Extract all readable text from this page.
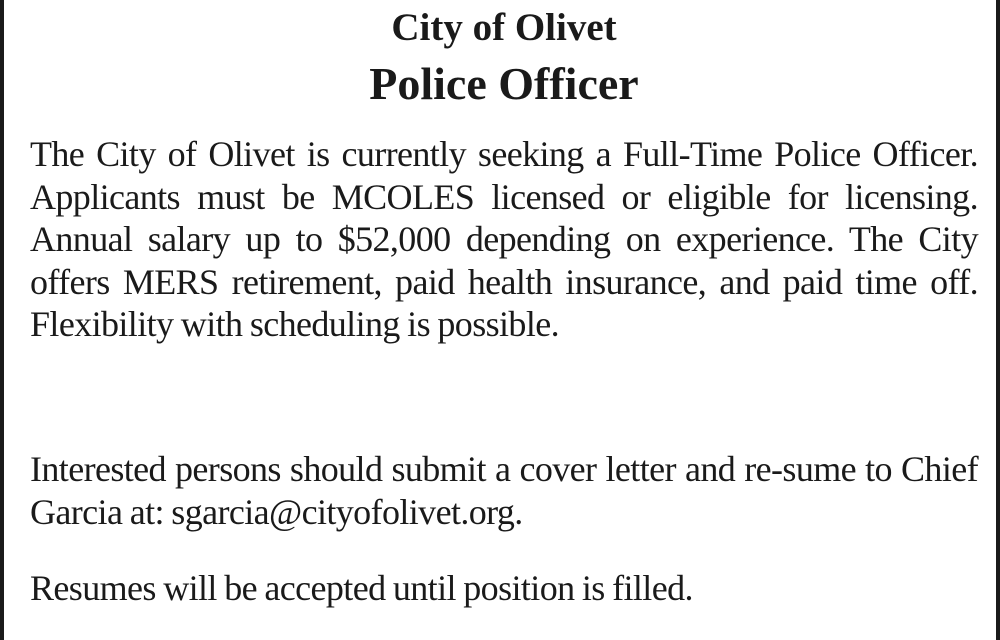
City of Olivet
Police Officer

The City of Olivet is currently seeking a Full-Time Police Officer. Applicants must be MCOLES licensed or eligible for licensing. Annual salary up to $52,000 depending on experience. The City offers MERS retirement, paid health insurance, and paid time off. Flexibility with scheduling is possible.

Interested persons should submit a cover letter and re-sume to Chief Garcia at: sgarcia@cityofolivet.org.

Resumes will be accepted until position is filled.
